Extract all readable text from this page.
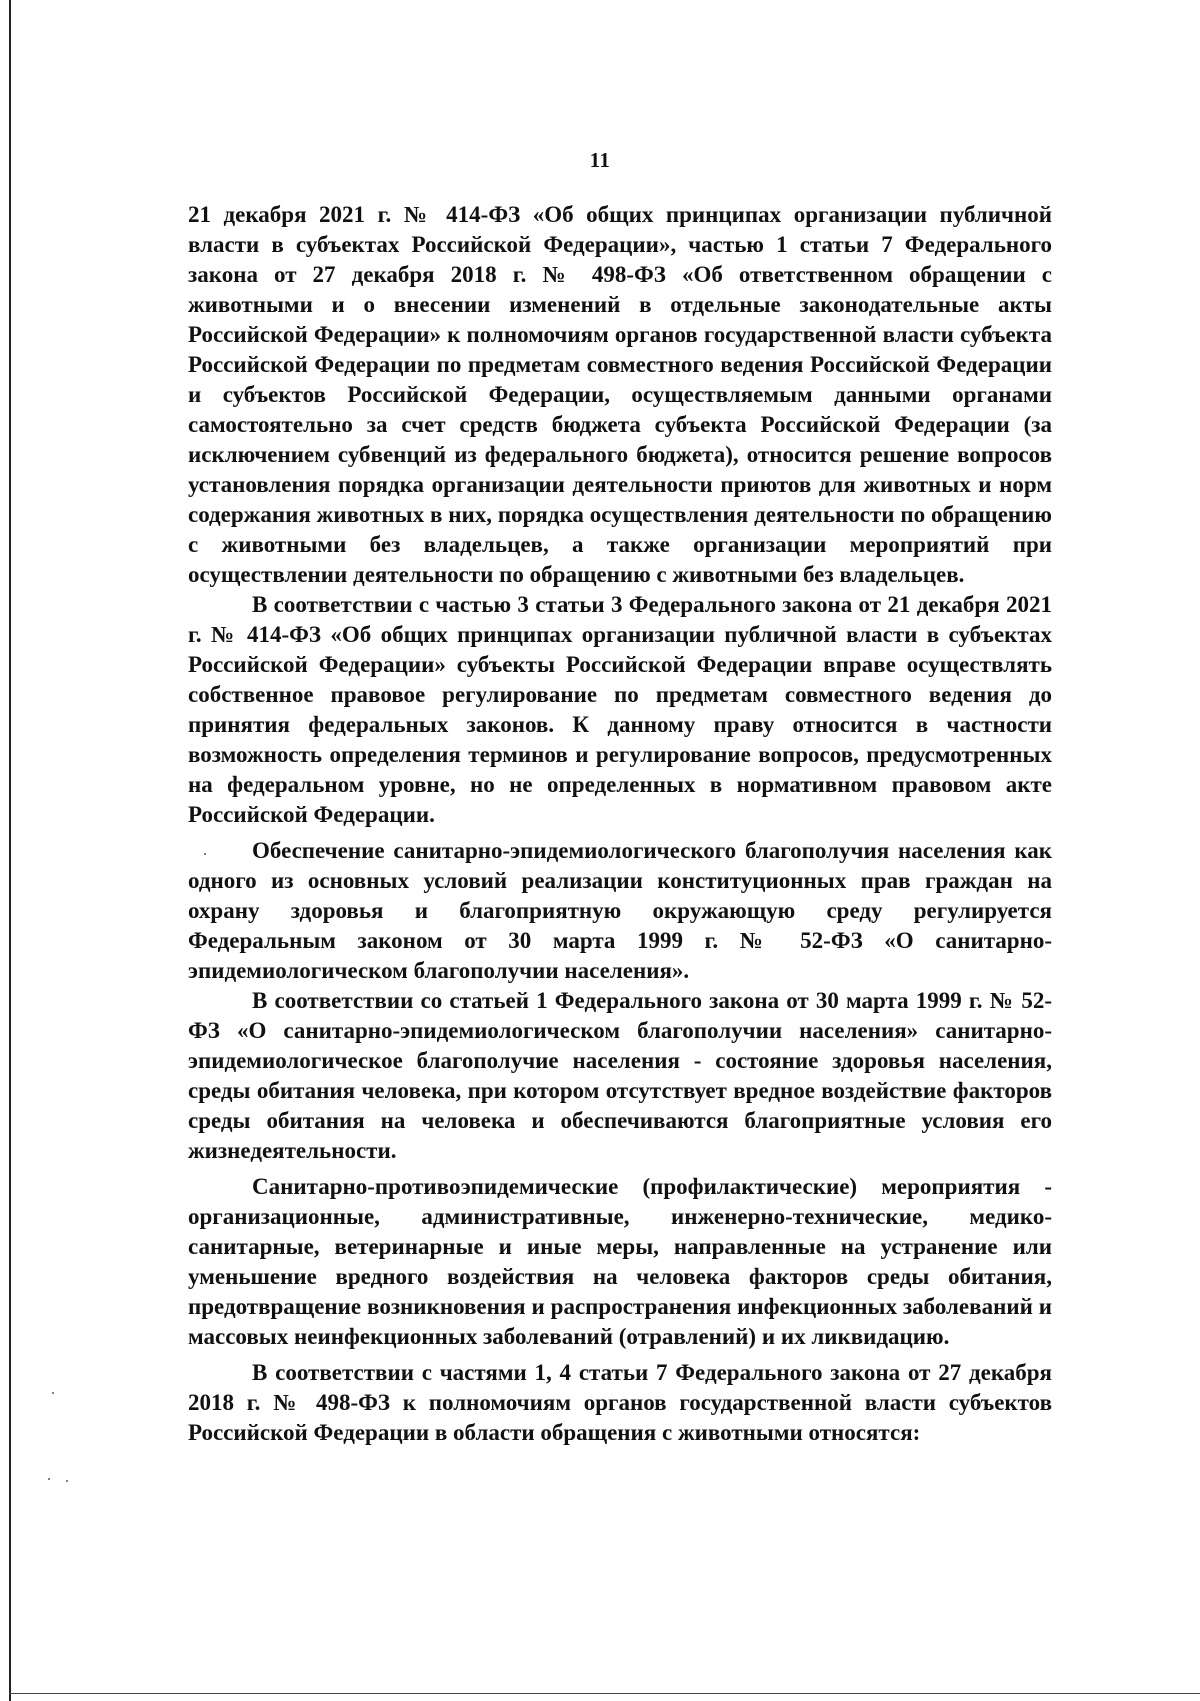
11

21 декабря 2021 г. № 414-ФЗ «Об общих принципах организации публичной власти в субъектах Российской Федерации», частью 1 статьи 7 Федерального закона от 27 декабря 2018 г. № 498-ФЗ «Об ответственном обращении с животными и о внесении изменений в отдельные законодательные акты Российской Федерации» к полномочиям органов государственной власти субъекта Российской Федерации по предметам совместного ведения Российской Федерации и субъектов Российской Федерации, осуществляемым данными органами самостоятельно за счет средств бюджета субъекта Российской Федерации (за исключением субвенций из федерального бюджета), относится решение вопросов установления порядка организации деятельности приютов для животных и норм содержания животных в них, порядка осуществления деятельности по обращению с животными без владельцев, а также организации мероприятий при осуществлении деятельности по обращению с животными без владельцев.

В соответствии с частью 3 статьи 3 Федерального закона от 21 декабря 2021 г. № 414-ФЗ «Об общих принципах организации публичной власти в субъектах Российской Федерации» субъекты Российской Федерации вправе осуществлять собственное правовое регулирование по предметам совместного ведения до принятия федеральных законов. К данному праву относится в частности возможность определения терминов и регулирование вопросов, предусмотренных на федеральном уровне, но не определенных в нормативном правовом акте Российской Федерации.

Обеспечение санитарно-эпидемиологического благополучия населения как одного из основных условий реализации конституционных прав граждан на охрану здоровья и благоприятную окружающую среду регулируется Федеральным законом от 30 марта 1999 г. № 52-ФЗ «О санитарно-эпидемиологическом благополучии населения».

В соответствии со статьей 1 Федерального закона от 30 марта 1999 г. № 52-ФЗ «О санитарно-эпидемиологическом благополучии населения» санитарно-эпидемиологическое благополучие населения - состояние здоровья населения, среды обитания человека, при котором отсутствует вредное воздействие факторов среды обитания на человека и обеспечиваются благоприятные условия его жизнедеятельности.

Санитарно-противоэпидемические (профилактические) мероприятия - организационные, административные, инженерно-технические, медико-санитарные, ветеринарные и иные меры, направленные на устранение или уменьшение вредного воздействия на человека факторов среды обитания, предотвращение возникновения и распространения инфекционных заболеваний и массовых неинфекционных заболеваний (отравлений) и их ликвидацию.

В соответствии с частями 1, 4 статьи 7 Федерального закона от 27 декабря 2018 г. № 498-ФЗ к полномочиям органов государственной власти субъектов Российской Федерации в области обращения с животными относятся:
